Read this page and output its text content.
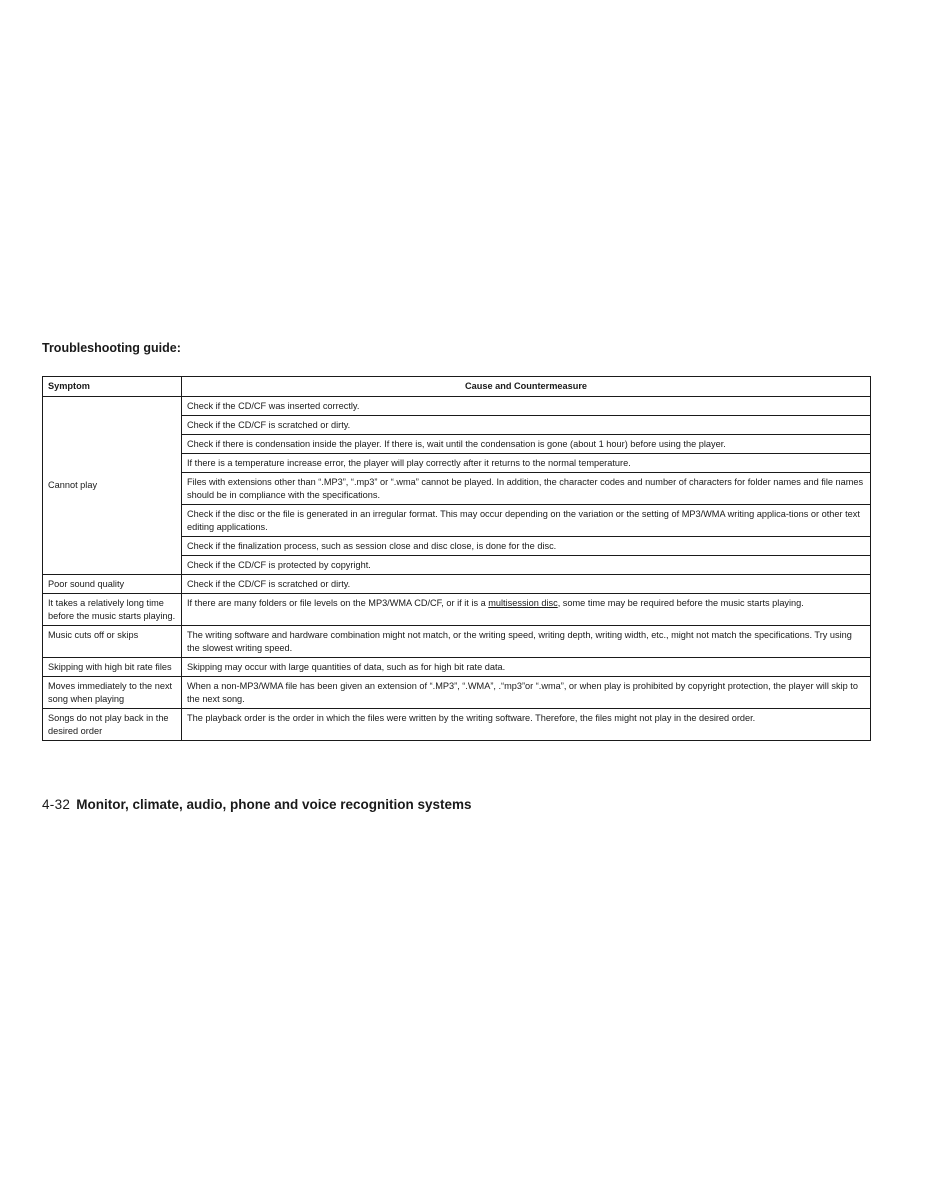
Troubleshooting guide:
Symptom	Cause and Countermeasure
Cannot play	Check if the CD/CF was inserted correctly.
	Check if the CD/CF is scratched or dirty.
	Check if there is condensation inside the player. If there is, wait until the condensation is gone (about 1 hour) before using the player.
	If there is a temperature increase error, the player will play correctly after it returns to the normal temperature.
	Files with extensions other than “.MP3”, “.mp3” or “.wma” cannot be played. In addition, the character codes and number of characters for folder names and file names should be in compliance with the specifications.
	Check if the disc or the file is generated in an irregular format. This may occur depending on the variation or the setting of MP3/WMA writing applica-tions or other text editing applications.
	Check if the finalization process, such as session close and disc close, is done for the disc.
	Check if the CD/CF is protected by copyright.
Poor sound quality	Check if the CD/CF is scratched or dirty.
It takes a relatively long time before the music starts playing.	If there are many folders or file levels on the MP3/WMA CD/CF, or if it is a multisession disc, some time may be required before the music starts playing.
Music cuts off or skips	The writing software and hardware combination might not match, or the writing speed, writing depth, writing width, etc., might not match the specifications. Try using the slowest writing speed.
Skipping with high bit rate files	Skipping may occur with large quantities of data, such as for high bit rate data.
Moves immediately to the next song when playing	When a non-MP3/WMA file has been given an extension of “.MP3”, “.WMA”, .“mp3”or “.wma”, or when play is prohibited by copyright protection, the player will skip to the next song.
Songs do not play back in the desired order	The playback order is the order in which the files were written by the writing software. Therefore, the files might not play in the desired order.

4-32 Monitor, climate, audio, phone and voice recognition systems
